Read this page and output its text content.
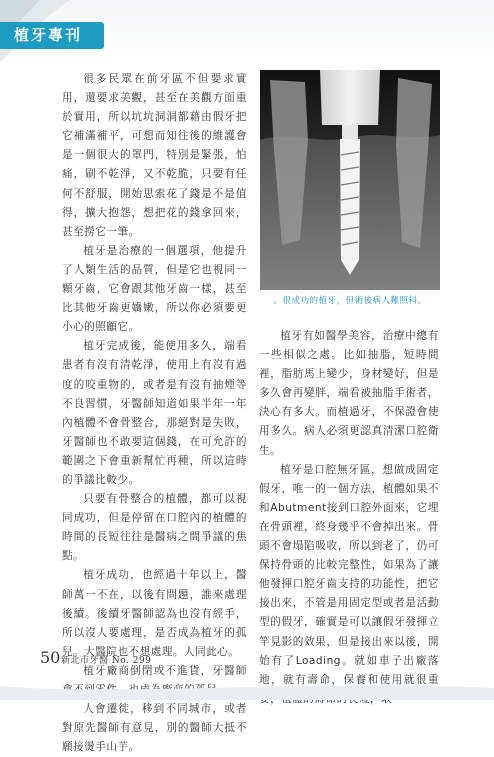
植牙專刊

很多民眾在前牙區不但要求實用，還要求美觀，甚至在美觀方面重於實用，所以坑坑洞洞都藉由假牙把它補滿補平，可想而知往後的維護會是一個很大的罩門，特別是緊張，怕痛，刷不乾淨，又不乾脆，只要有任何不舒服，開始思索花了錢是不是值得，擴大抱怨，想把花的錢拿回來，甚至撈它一筆。

植牙是治療的一個選項，他提升了人類生活的品質，但是它也視同一顆牙齒，它會跟其他牙齒一樣，甚至比其他牙齒更嬌嫩，所以你必須要更小心的照顧它。

植牙完成後，能使用多久，端看患者有沒有清乾淨，使用上有沒有過度的咬重物的，或者是有沒有抽煙等不良習慣，牙醫師知道如果半年一年內植體不會骨整合，那絕對是失敗，牙醫師也不敢要這個錢，在可允許的範圍之下會重新幫忙再種，所以這時的爭議比較少。

只要有骨整合的植體，都可以視同成功，但是停留在口腔內的植體的時間的長短往往是醫病之間爭議的焦點。

植牙成功，也經過十年以上，醫師萬一不在，以後有問題，誰來處理後續。後續牙醫師認為也沒有經手，所以沒人要處理，是否成為植牙的孤兒。大醫院也不想處理。人同此心。

植牙廠商倒閉或不進貨，牙醫師

人會遷徙，移到不同城市，或者對原先醫師有意見，別的醫師大抵不願接燙手山芋。

。很成功的植牙，但術後病人難照料。

植牙有如醫學美容，治療中總有一些相似之處。比如抽脂，短時間裡，脂肪馬上變少，身材變好，但是多久會再變胖，端看被抽脂手術者，決心有多大。而植過牙，不保證會使用多久。病人必須更認真清潔口腔衛生。

植牙是口腔無牙區，想做成固定假牙，唯一的一個方法，植體如果不和Abutment接到口腔外面來，它埋在骨頭裡，終身幾乎不會掉出來。骨頭不會塌陷吸收，所以到老了，仍可保持骨頭的比較完整性，如果為了讓他發揮口腔牙齒支持的功能性，把它接出來，不管是用固定型或者是活動型的假牙，確實是可以讓假牙發揮立竿見影的效果，但是接出來以後，開始有了Loading。就如車子出廠落地，就有壽命，保養和使用就很重

50 新北市牙醫 No. 299
